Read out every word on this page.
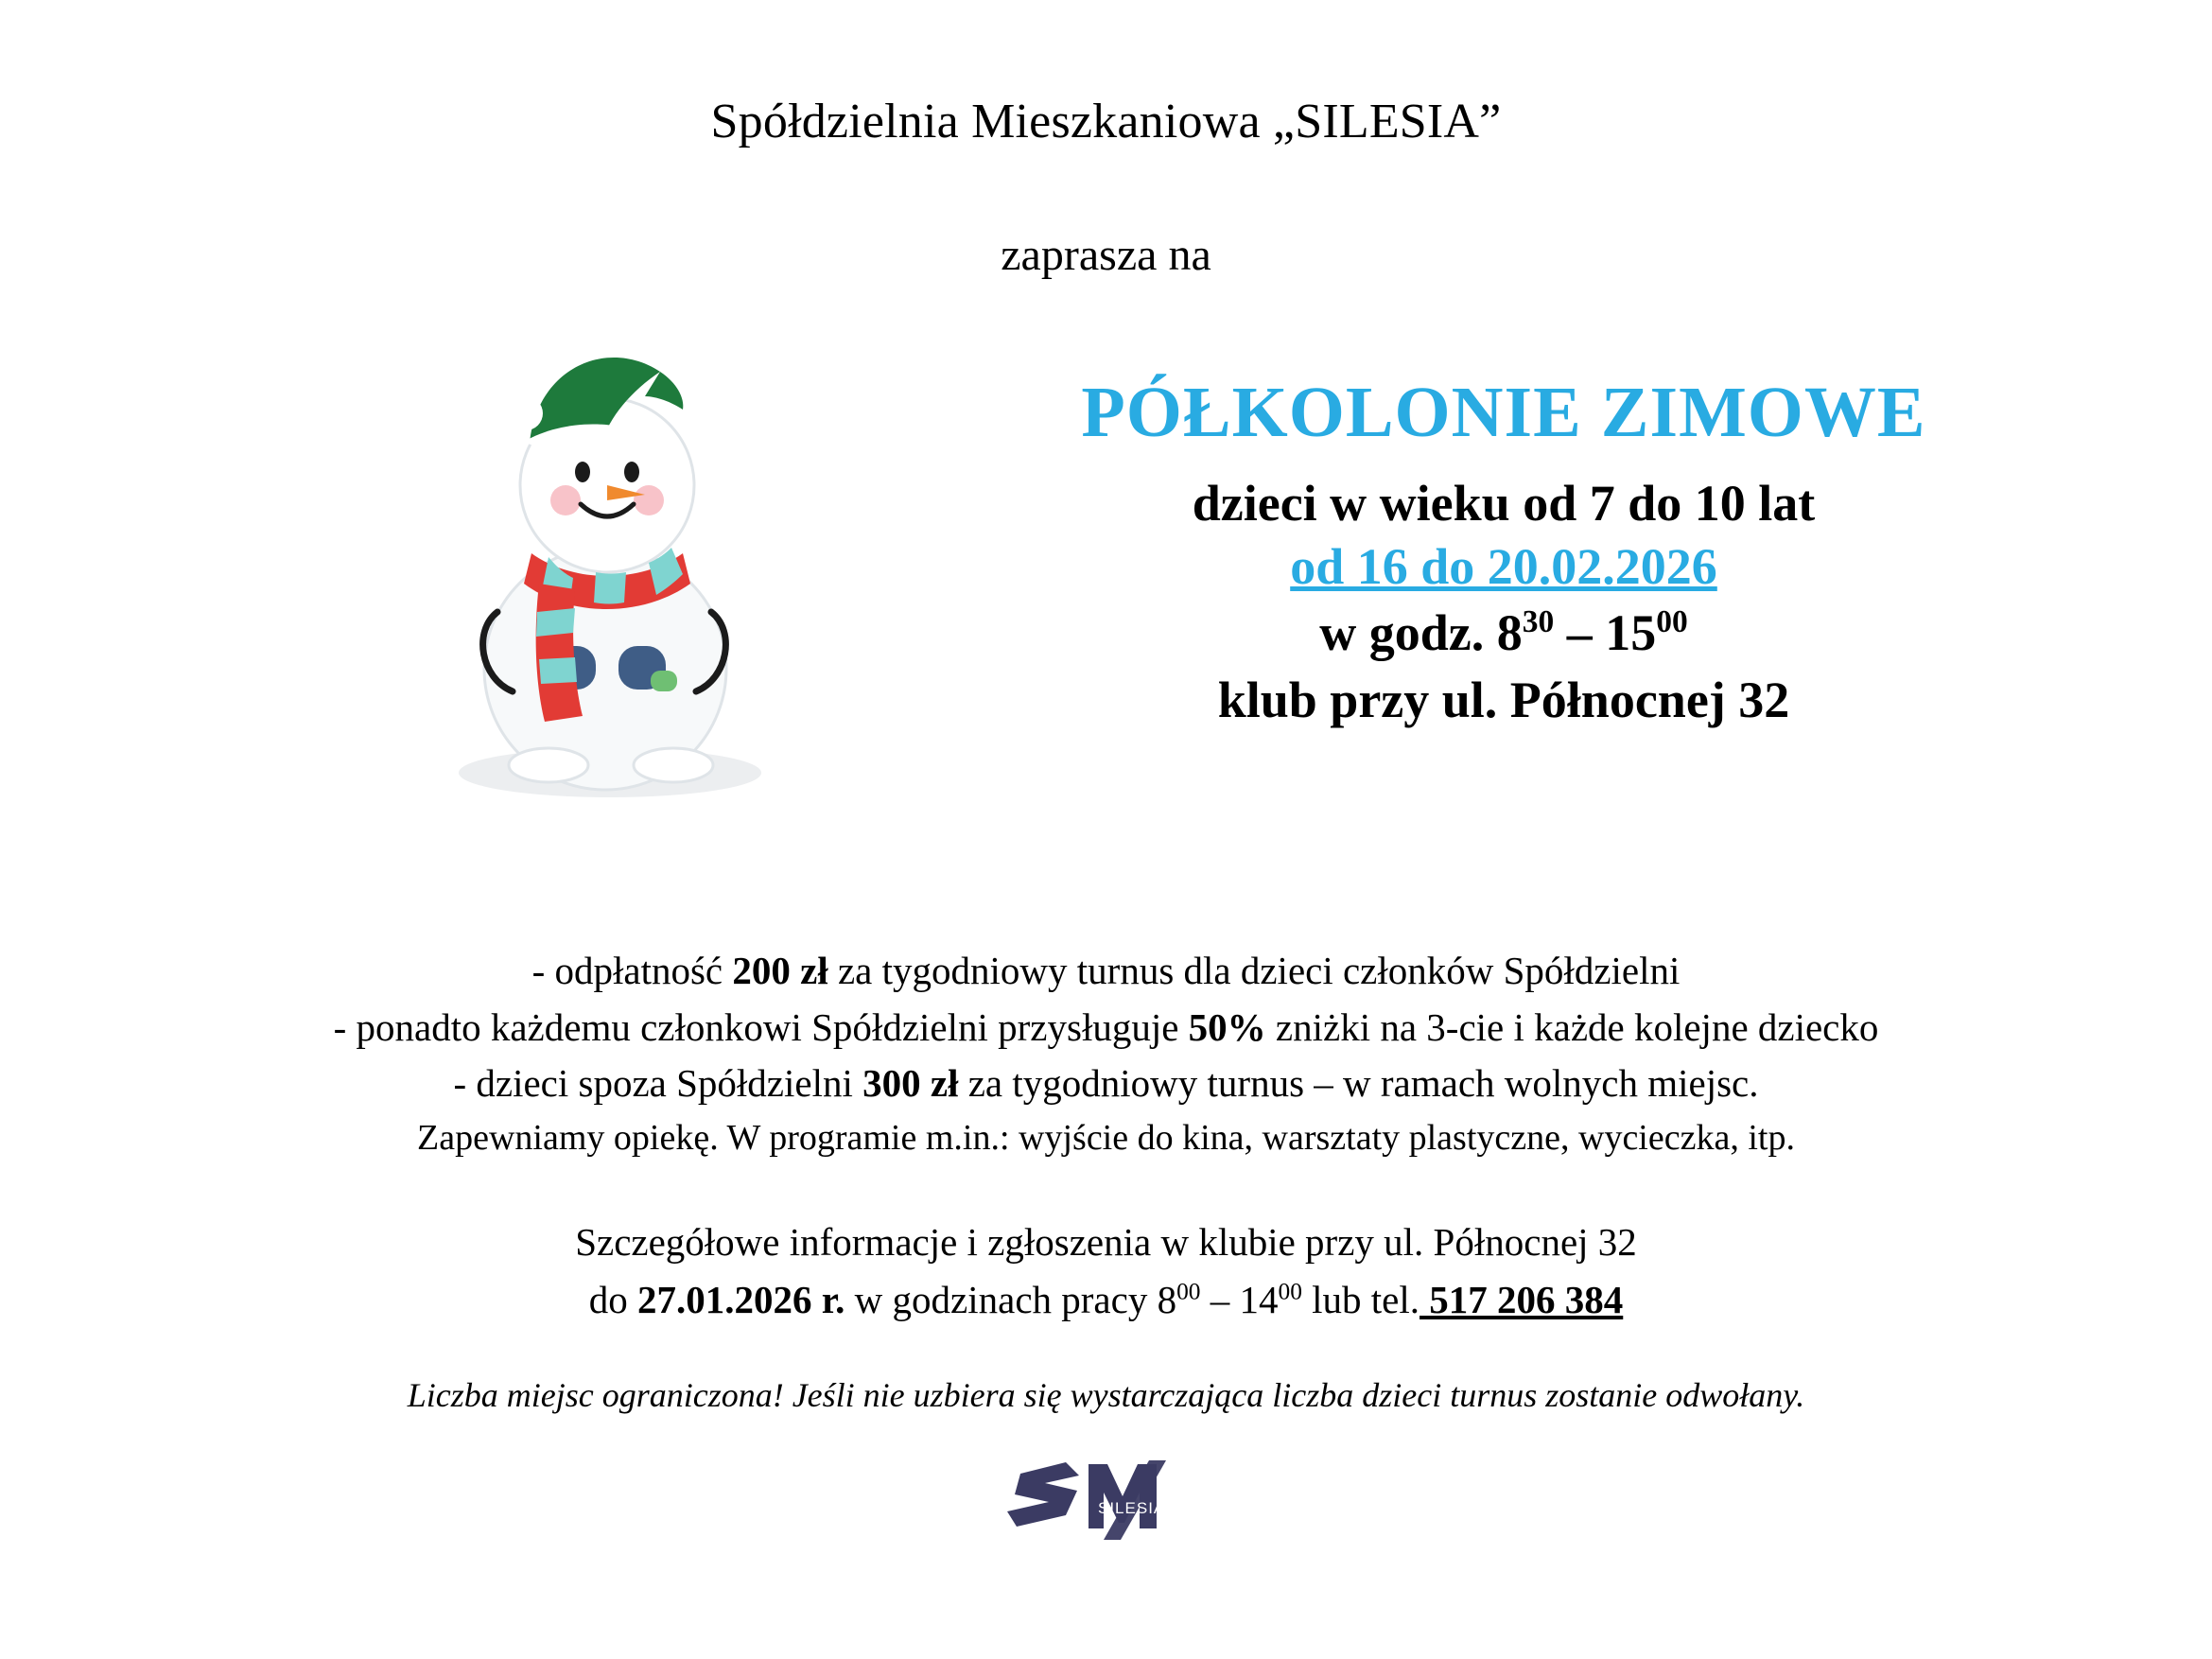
Spółdzielnia Mieszkaniowa „SILESIA”
zaprasza na
PÓŁKOLONIE ZIMOWE
dzieci w wieku od 7 do 10 lat
od 16 do 20.02.2026
w godz. $8^{30} - 15^{00}$
klub przy ul. Północnej 32
- odpłatność 200 zł za tygodniowy turnus dla dzieci członków Spółdzielni
- ponadto każdemu członkowi Spółdzielni przysługuje 50% zniżki na 3-cie i każde kolejne dziecko
- dzieci spoza Spółdzielni 300 zł za tygodniowy turnus – w ramach wolnych miejsc.
Zapewniamy opiekę. W programie m.in.: wyjście do kina, warsztaty plastyczne, wycieczka, itp.
Szczegółowe informacje i zgłoszenia w klubie przy ul. Północnej 32
do 27.01.2026 r. w godzinach pracy $8^{00} - 14^{00}$ lub tel. 517 206 384
Liczba miejsc ograniczona! Jeśli nie uzbiera się wystarczająca liczba dzieci turnus zostanie odwołany.
SILESIA
